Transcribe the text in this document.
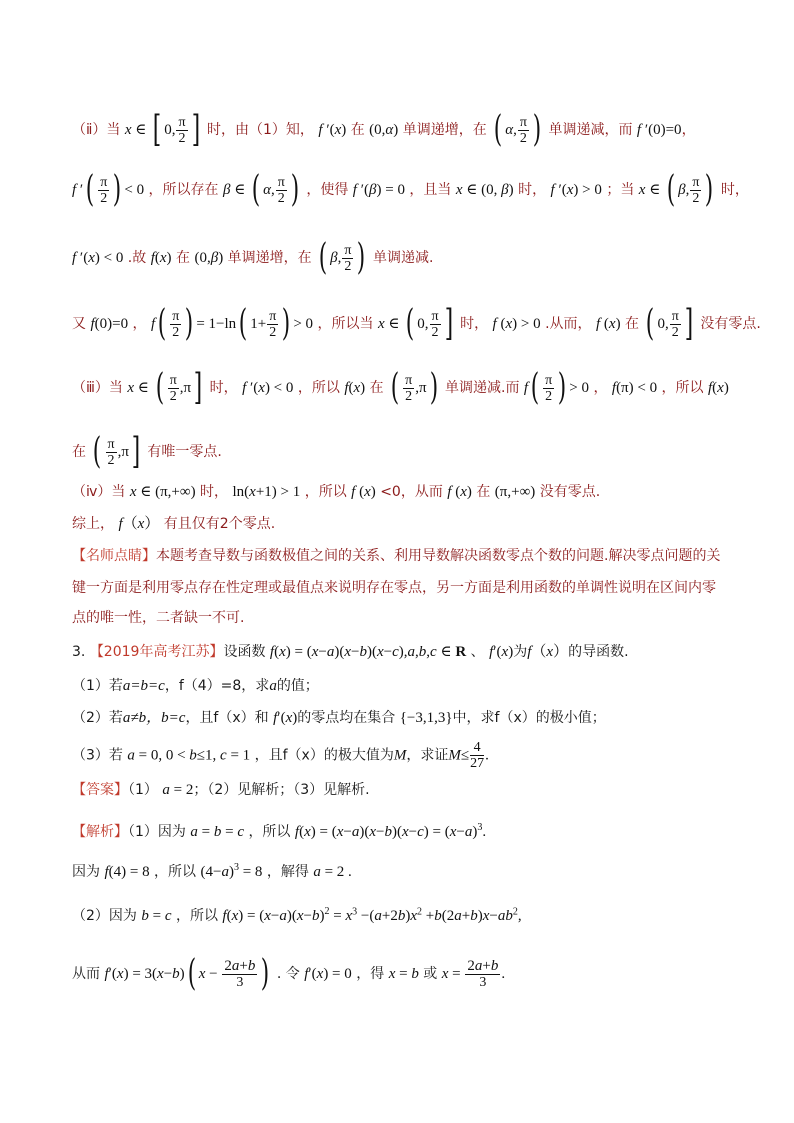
（ⅱ）当 x ∈ [ 0, $\frac{\pi}{2}$ ] 时，由（1）知， f ′(x) 在 (0,α) 单调递增，在 ( α, $\frac{\pi}{2}$ ) 单调递减，而 f ′(0)=0，
f ′( $\frac{\pi}{2}$ ) < 0 ，所以存在 β ∈ ( α, $\frac{\pi}{2}$ ) ，使得 f ′(β) = 0 ，且当 x ∈ (0, β) 时， f ′(x) > 0 ；当 x ∈ ( β, $\frac{\pi}{2}$ ) 时，
f ′(x) < 0 .故 f(x) 在 (0,β) 单调递增，在 ( β, $\frac{\pi}{2}$ ) 单调递减.
又 f(0)=0 ， $f( \frac{\pi}{2}$ ) = 1−ln( $1+ \frac{\pi}{2}$ ) > 0 ，所以当 x ∈ ( 0, $\frac{\pi}{2}$ ] 时， f (x) > 0 .从而， f (x) 在 ( 0, $\frac{\pi}{2}$ ] 没有零点.
（ⅲ）当 x ∈ ( $\frac{\pi}{2} ,\pi$] 时， f ′(x) < 0 ，所以 f(x) 在 ( $\frac{\pi}{2} ,\pi$) 单调递减.而 $f( \frac{\pi}{2}$ ) > 0 ， f(π) < 0 ，所以 f(x)
在 ( $\frac{\pi}{2} ,\pi$] 有唯一零点.
（ⅳ）当 x ∈ (π,+∞) 时， ln(x+1) > 1 ，所以 f (x) <0，从而 f (x) 在 (π,+∞) 没有零点.
综上， f（x） 有且仅有2个零点.
【名师点睛】本题考查导数与函数极值之间的关系、利用导数解决函数零点个数的问题.解决零点问题的关
键一方面是利用零点存在性定理或最值点来说明存在零点，另一方面是利用函数的单调性说明在区间内零
点的唯一性，二者缺一不可.
3. 【2019年高考江苏】设函数 f(x) = (x−a)(x−b)(x−c),a,b,c ∈ R 、 f′(x)为f（x）的导函数.
（1）若a=b=c，f（4）=8，求a的值；
（2）若a≠b，b=c，且f（x）和 f′(x)的零点均在集合 {−3,1,3}中，求f（x）的极小值；
（3）若 a = 0, 0 < b≤1, c = 1 ，且f（x）的极大值为M，求证$M\le \frac{4}{27}$ .
【答案】（1） a = 2；（2）见解析；（3）见解析.
【解析】（1）因为 a = b = c ，所以 $f(x) = (x-a)(x-b)(x-c) = (x-a)^3$.
因为 f(4) = 8 ，所以 $(4-a)^3 = 8$ ，解得 a = 2 .
（2）因为 b = c ，所以 $f(x) = (x-a)(x-b)^2 = x^3 -(a+2b)x^2 +b(2a+b)x-ab^2$,
从而 f′(x) = 3(x−b)( $x - \frac{2a+b}{3}$ ) . 令 f′(x) = 0 ，得 x = b 或 $x = \frac{2a+b}{3}$ .
